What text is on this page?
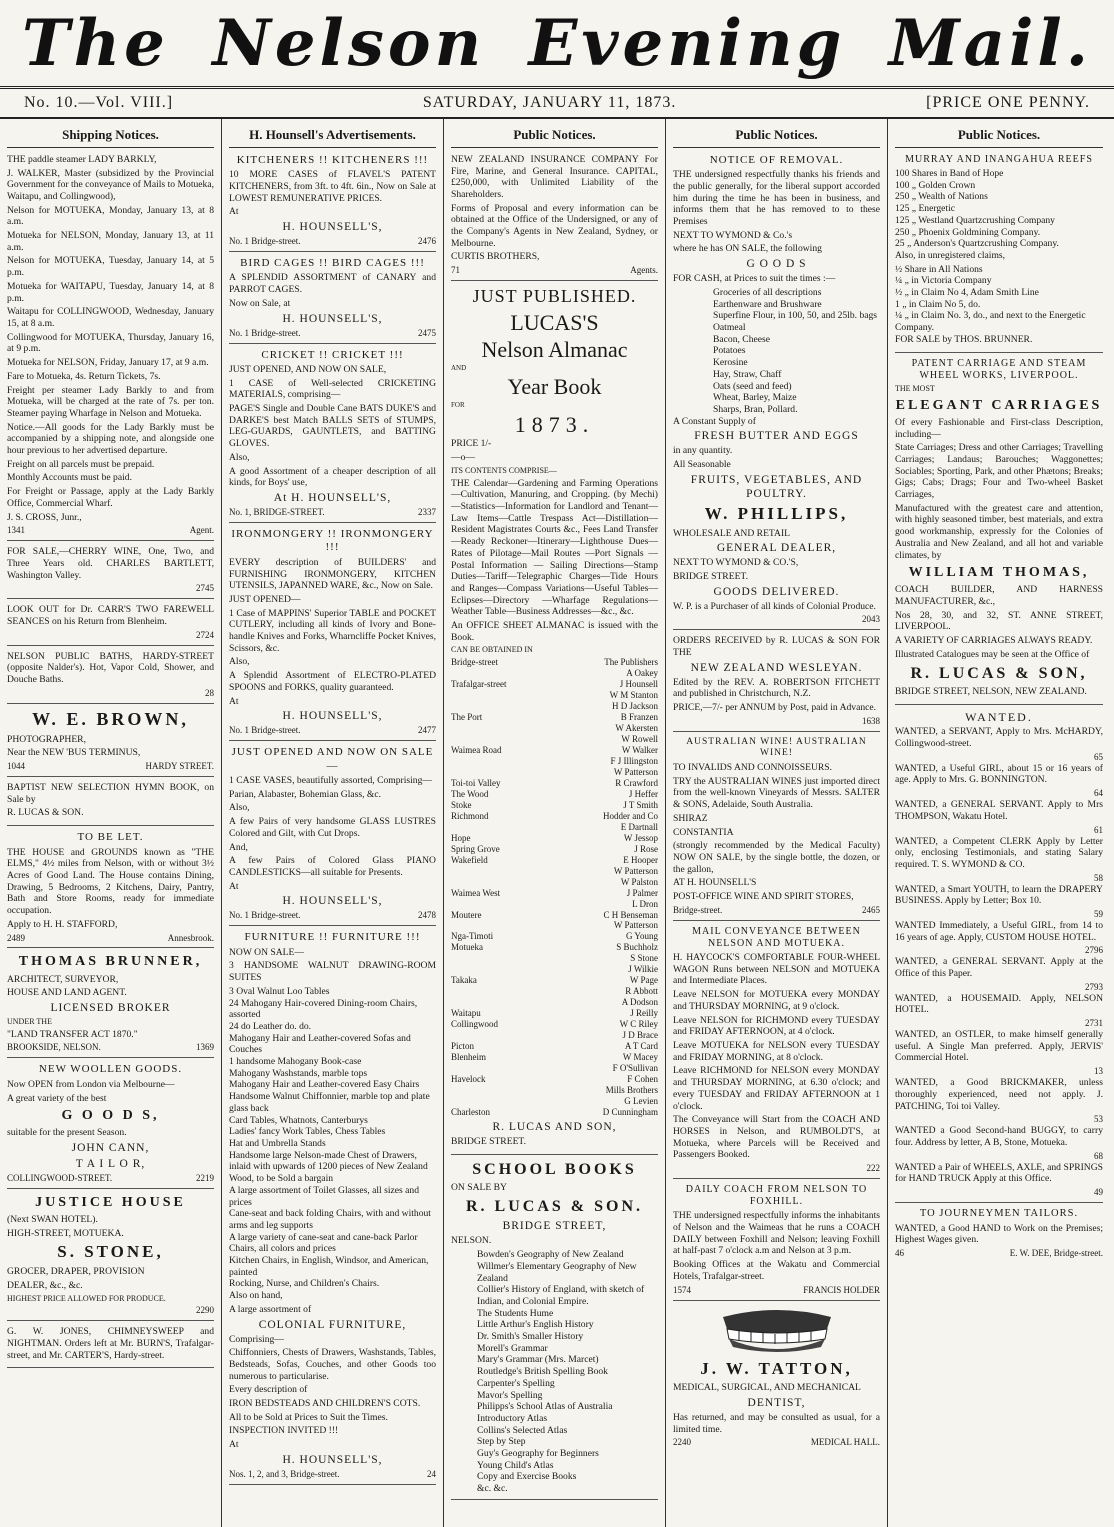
The Nelson Evening Mail.
No. 10.—Vol. VIII.]	SATURDAY, JANUARY 11, 1873.	[PRICE ONE PENNY.
Shipping Notices.

THE paddle steamer LADY BARKLY,

J. WALKER, Master (subsidized by the Provincial Government for the conveyance of Mails to Motueka, Waitapu, and Collingwood),

Nelson for MOTUEKA, Monday, January 13, at 8 a.m.

Motueka for NELSON, Monday, January 13, at 11 a.m.

Nelson for MOTUEKA, Tuesday, January 14, at 5 p.m.

Motueka for WAITAPU, Tuesday, January 14, at 8 p.m.

Waitapu for COLLINGWOOD, Wednesday, January 15, at 8 a.m.

Collingwood for MOTUEKA, Thursday, January 16, at 9 p.m.

Motueka for NELSON, Friday, January 17, at 9 a.m.

Fare to Motueka, 4s. Return Tickets, 7s.

Freight per steamer Lady Barkly to and from Motueka, will be charged at the rate of 7s. per ton. Steamer paying Wharfage in Nelson and Motueka.

Notice.—All goods for the Lady Barkly must be accompanied by a shipping note, and alongside one hour previous to her advertised departure.

Freight on all parcels must be prepaid.

Monthly Accounts must be paid.

For Freight or Passage, apply at the Lady Barkly Office, Commercial Wharf.

J. S. CROSS, Junr.,

1341	Agent.

FOR SALE,—CHERRY WINE, One, Two, and Three Years old. CHARLES BARTLETT, Washington Valley.

2745

LOOK OUT for Dr. CARR'S TWO FAREWELL SEANCES on his Return from Blenheim.

2724

NELSON PUBLIC BATHS, HARDY-STREET (opposite Nalder's). Hot, Vapor Cold, Shower, and Douche Baths.

28
W. E. BROWN,

PHOTOGRAPHER,

Near the NEW 'BUS TERMINUS,

1044	HARDY STREET.

BAPTIST NEW SELECTION HYMN BOOK, on Sale by

R. LUCAS & SON.

TO BE LET.

THE HOUSE and GROUNDS known as "THE ELMS," 4½ miles from Nelson, with or without 3½ Acres of Good Land. The House contains Dining, Drawing, 5 Bedrooms, 2 Kitchens, Dairy, Pantry, Bath and Store Rooms, ready for immediate occupation.

Apply to H. H. STAFFORD,

2489	Annesbrook.
THOMAS BRUNNER,

ARCHITECT, SURVEYOR,

HOUSE AND LAND AGENT.

LICENSED BROKER

UNDER THE

"LAND TRANSFER ACT 1870."

BROOKSIDE, NELSON.	1369
NEW WOOLLEN GOODS.

Now OPEN from London via Melbourne—

A great variety of the best

G O O D S,

suitable for the present Season.

JOHN CANN,
T A I L O R,
COLLINGWOOD-STREET.	2219
JUSTICE HOUSE

(Next SWAN HOTEL).

HIGH-STREET, MOTUEKA.

S. STONE,

GROCER, DRAPER, PROVISION

DEALER, &c., &c.

HIGHEST PRICE ALLOWED FOR PRODUCE.

2290

G. W. JONES, CHIMNEYSWEEP and NIGHTMAN. Orders left at Mr. BURN'S, Trafalgar-street, and Mr. CARTER'S, Hardy-street.

H. Hounsell's Advertisements.
KITCHENERS !! KITCHENERS !!!

10 MORE CASES of FLAVEL'S PATENT KITCHENERS, from 3ft. to 4ft. 6in., Now on Sale at LOWEST REMUNERATIVE PRICES.

At

H. HOUNSELL'S,
No. 1 Bridge-street.	2476
BIRD CAGES !! BIRD CAGES !!!

A SPLENDID ASSORTMENT of CANARY and PARROT CAGES.

Now on Sale, at

H. HOUNSELL'S,
No. 1 Bridge-street.	2475
CRICKET !! CRICKET !!!

JUST OPENED, AND NOW ON SALE,

1 CASE of Well-selected CRICKETING MATERIALS, comprising—

PAGE'S Single and Double Cane BATS DUKE'S and DARKE'S best Match BALLS SETS of STUMPS, LEG-GUARDS, GAUNTLETS, and BATTING GLOVES.

Also,

A good Assortment of a cheaper description of all kinds, for Boys' use,

At H. HOUNSELL'S,
No. 1, BRIDGE-STREET.	2337
IRONMONGERY !! IRONMONGERY !!!

EVERY description of BUILDERS' and FURNISHING IRONMONGERY, KITCHEN UTENSILS, JAPANNED WARE, &c., Now on Sale.

JUST OPENED—

1 Case of MAPPINS' Superior TABLE and POCKET CUTLERY, including all kinds of Ivory and Bone-handle Knives and Forks, Wharncliffe Pocket Knives, Scissors, &c.

Also,

A Splendid Assortment of ELECTRO-PLATED SPOONS and FORKS, quality guaranteed.

At

H. HOUNSELL'S,
No. 1 Bridge-street.	2477
JUST OPENED AND NOW ON SALE—

1 CASE VASES, beautifully assorted, Comprising—

Parian, Alabaster, Bohemian Glass, &c.

Also,

A few Pairs of very handsome GLASS LUSTRES Colored and Gilt, with Cut Drops.

And,

A few Pairs of Colored Glass PIANO CANDLESTICKS—all suitable for Presents.

At

H. HOUNSELL'S,
No. 1 Bridge-street.	2478
FURNITURE !! FURNITURE !!!

NOW ON SALE—

3 HANDSOME WALNUT DRAWING-ROOM SUITES

3 Oval Walnut Loo Tables
24 Mahogany Hair-covered Dining-room Chairs, assorted
24 do Leather do. do.
Mahogany Hair and Leather-covered Sofas and Couches
1 handsome Mahogany Book-case
Mahogany Washstands, marble tops
Mahogany Hair and Leather-covered Easy Chairs
Handsome Walnut Chiffonnier, marble top and plate glass back
Card Tables, Whatnots, Canterburys
Ladies' fancy Work Tables, Chess Tables
Hat and Umbrella Stands
Handsome large Nelson-made Chest of Drawers, inlaid with upwards of 1200 pieces of New Zealand Wood, to be Sold a bargain
A large assortment of Toilet Glasses, all sizes and prices
Cane-seat and back folding Chairs, with and without arms and leg supports
A large variety of cane-seat and cane-back Parlor Chairs, all colors and prices
Kitchen Chairs, in English, Windsor, and American, painted
Rocking, Nurse, and Children's Chairs.

Also on hand,

A large assortment of

COLONIAL FURNITURE,

Comprising—

Chiffonniers, Chests of Drawers, Washstands, Tables, Bedsteads, Sofas, Couches, and other Goods too numerous to particularise.

Every description of

IRON BEDSTEADS AND CHILDREN'S COTS.

All to be Sold at Prices to Suit the Times.

INSPECTION INVITED !!!

At

H. HOUNSELL'S,
Nos. 1, 2, and 3, Bridge-street.	24
Public Notices.

NEW ZEALAND INSURANCE COMPANY For Fire, Marine, and General Insurance. CAPITAL, £250,000, with Unlimited Liability of the Shareholders.

Forms of Proposal and every information can be obtained at the Office of the Undersigned, or any of the Company's Agents in New Zealand, Sydney, or Melbourne.

CURTIS BROTHERS,

71	Agents.
JUST PUBLISHED.
LUCAS'S
Nelson Almanac

AND

Year Book

FOR

1873.

PRICE 1/-

—o—

ITS CONTENTS COMPRISE—

THE Calendar—Gardening and Farming Operations—Cultivation, Manuring, and Cropping. (by Mechi)—Statistics—Information for Landlord and Tenant—Law Items—Cattle Trespass Act—Distillation—Resident Magistrates Courts &c., Fees Land Transfer—Ready Reckoner—Itinerary—Lighthouse Dues—Rates of Pilotage—Mail Routes —Port Signals — Postal Information — Sailing Directions—Stamp Duties—Tariff—Telegraphic Charges—Tide Hours and Ranges—Compass Variations—Useful Tables—Eclipses—Directory —Wharfage Regulations—Weather Table—Business Addresses—&c., &c.

An OFFICE SHEET ALMANAC is issued with the Book.

CAN BE OBTAINED IN

Bridge-street	The Publishers
A Oakey
Trafalgar-street	J Hounsell
W M Stanton
H D Jackson
The Port	B Franzen
W Akersten
W Rowell
Waimea Road	W Walker
F J Illingston
W Patterson
Toi-toi Valley	R Crawford
The Wood	J Heffer
Stoke	J T Smith
Richmond	Hodder and Co
E Dartnall
Hope	W Jessop
Spring Grove	J Rose
Wakefield	E Hooper
W Patterson
W Palston
Waimea West	J Palmer
L Dron
Moutere	C H Benseman
W Patterson
Nga-Timoti	G Young
Motueka	S Buchholz
S Stone
J Wilkie
Takaka	W Page
R Abbott
A Dodson
Waitapu	J Reilly
Collingwood	W C Riley
J D Brace
Picton	A T Card
Blenheim	W Macey
F O'Sullivan
Havelock	F Cohen
Mills Brothers
G Levien
Charleston	D Cunningham
R. LUCAS AND SON,

BRIDGE STREET.

SCHOOL BOOKS

ON SALE BY

R. LUCAS & SON.
BRIDGE STREET,

NELSON.

Bowden's Geography of New Zealand
Willmer's Elementary Geography of New Zealand
Collier's History of England, with sketch of Indian, and Colonial Empire.
The Students Hume
Little Arthur's English History
Dr. Smith's Smaller History
Morell's Grammar
Mary's Grammar (Mrs. Marcet)
Routledge's British Spelling Book
Carpenter's Spelling
Mavor's Spelling
Philipps's School Atlas of Australia
Introductory Atlas
Collins's Selected Atlas
Step by Step
Guy's Geography for Beginners
Young Child's Atlas
Copy and Exercise Books
&c. &c.
Public Notices.
NOTICE OF REMOVAL.

THE undersigned respectfully thanks his friends and the public generally, for the liberal support accorded him during the time he has been in business, and informs them that he has removed to to these Premises

NEXT TO WYMOND & Co.'s

where he has ON SALE, the following

G O O D S

FOR CASH, at Prices to suit the times :—

Groceries of all descriptions
Earthenware and Brushware
Superfine Flour, in 100, 50, and 25lb. bags
Oatmeal
Bacon, Cheese
Potatoes
Kerosine
Hay, Straw, Chaff
Oats (seed and feed)
Wheat, Barley, Maize
Sharps, Bran, Pollard.

A Constant Supply of

FRESH BUTTER AND EGGS

in any quantity.

All Seasonable

FRUITS, VEGETABLES, AND POULTRY.
W. PHILLIPS,

WHOLESALE AND RETAIL

GENERAL DEALER,

NEXT TO WYMOND & CO.'S,

BRIDGE STREET.

GOODS DELIVERED.

W. P. is a Purchaser of all kinds of Colonial Produce.

2043

ORDERS RECEIVED by R. LUCAS & SON FOR THE

NEW ZEALAND WESLEYAN.

Edited by the REV. A. ROBERTSON FITCHETT and published in Christchurch, N.Z.

PRICE,—7/- per ANNUM by Post, paid in Advance.

1638
AUSTRALIAN WINE! AUSTRALIAN WINE!

TO INVALIDS AND CONNOISSEURS.

TRY the AUSTRALIAN WINES just imported direct from the well-known Vineyards of Messrs. SALTER & SONS, Adelaide, South Australia.

SHIRAZ

CONSTANTIA

(strongly recommended by the Medical Faculty) NOW ON SALE, by the single bottle, the dozen, or the gallon,

AT H. HOUNSELL'S

POST-OFFICE WINE AND SPIRIT STORES,

Bridge-street.	2465
MAIL CONVEYANCE BETWEEN NELSON AND MOTUEKA.

H. HAYCOCK'S COMFORTABLE FOUR-WHEEL WAGON Runs between NELSON and MOTUEKA and Intermediate Places.

Leave NELSON for MOTUEKA every MONDAY and THURSDAY MORNING, at 9 o'clock.

Leave NELSON for RICHMOND every TUESDAY and FRIDAY AFTERNOON, at 4 o'clock.

Leave MOTUEKA for NELSON every TUESDAY and FRIDAY MORNING, at 8 o'clock.

Leave RICHMOND for NELSON every MONDAY and THURSDAY MORNING, at 6.30 o'clock; and every TUESDAY and FRIDAY AFTERNOON at 1 o'clock.

The Conveyance will Start from the COACH AND HORSES in Nelson, and RUMBOLDT'S, at Motueka, where Parcels will be Received and Passengers Booked.

222
DAILY COACH FROM NELSON TO FOXHILL.

THE undersigned respectfully informs the inhabitants of Nelson and the Waimeas that he runs a COACH DAILY between Foxhill and Nelson; leaving Foxhill at half-past 7 o'clock a.m and Nelson at 3 p.m.

Booking Offices at the Wakatu and Commercial Hotels, Trafalgar-street.

1574	FRANCIS HOLDER
J. W. TATTON,

MEDICAL, SURGICAL, AND MECHANICAL

DENTIST,

Has returned, and may be consulted as usual, for a limited time.

2240	MEDICAL HALL.
Public Notices.
MURRAY AND INANGAHUA REEFS
100 Shares in Band of Hope
100 „ Golden Crown
250 „ Wealth of Nations
125 „ Energetic
125 „ Westland Quartzcrushing Company
250 „ Phoenix Goldmining Company.
25 „ Anderson's Quartzcrushing Company.

Also, in unregistered claims,

½ Share in All Nations
¼ „ in Victoria Company
½ „ in Claim No 4, Adam Smith Line
1 „ in Claim No 5, do.
¼ „ in Claim No. 3, do., and next to the Energetic Company.

FOR SALE by THOS. BRUNNER.

PATENT CARRIAGE AND STEAM WHEEL WORKS, LIVERPOOL.

THE MOST

ELEGANT CARRIAGES

Of every Fashionable and First-class Description, including—

State Carriages; Dress and other Carriages; Travelling Carriages; Landaus; Barouches; Waggonettes; Sociables; Sporting, Park, and other Phætons; Breaks; Gigs; Cabs; Drags; Four and Two-wheel Basket Carriages,

Manufactured with the greatest care and attention, with highly seasoned timber, best materials, and extra good workmanship, expressly for the Colonies of Australia and New Zealand, and all hot and variable climates, by

WILLIAM THOMAS,

COACH BUILDER, AND HARNESS MANUFACTURER, &c.,

Nos 28, 30, and 32, ST. ANNE STREET, LIVERPOOL.

A VARIETY OF CARRIAGES ALWAYS READY.

Illustrated Catalogues may be seen at the Office of

R. LUCAS & SON,

BRIDGE STREET, NELSON, NEW ZEALAND.

WANTED.

WANTED, a SERVANT, Apply to Mrs. McHARDY, Collingwood-street.

65

WANTED, a Useful GIRL, about 15 or 16 years of age. Apply to Mrs. G. BONNINGTON.

64

WANTED, a GENERAL SERVANT. Apply to Mrs THOMPSON, Wakatu Hotel.

61

WANTED, a Competent CLERK Apply by Letter only, enclosing Testimonials, and stating Salary required. T. S. WYMOND & CO.

58

WANTED, a Smart YOUTH, to learn the DRAPERY BUSINESS. Apply by Letter; Box 10.

59

WANTED Immediately, a Useful GIRL, from 14 to 16 years of age. Apply, CUSTOM HOUSE HOTEL.

2796

WANTED, a GENERAL SERVANT. Apply at the Office of this Paper.

2793

WANTED, a HOUSEMAID. Apply, NELSON HOTEL.

2731

WANTED, an OSTLER, to make himself generally useful. A Single Man preferred. Apply, JERVIS' Commercial Hotel.

13

WANTED, a Good BRICKMAKER, unless thoroughly experienced, need not apply. J. PATCHING, Toi toi Valley.

53

WANTED a Good Second-hand BUGGY, to carry four. Address by letter, A B, Stone, Motueka.

68

WANTED a Pair of WHEELS, AXLE, and SPRINGS for HAND TRUCK Apply at this Office.

49
TO JOURNEYMEN TAILORS.

WANTED, a Good HAND to Work on the Premises; Highest Wages given.

46	E. W. DEE, Bridge-street.
